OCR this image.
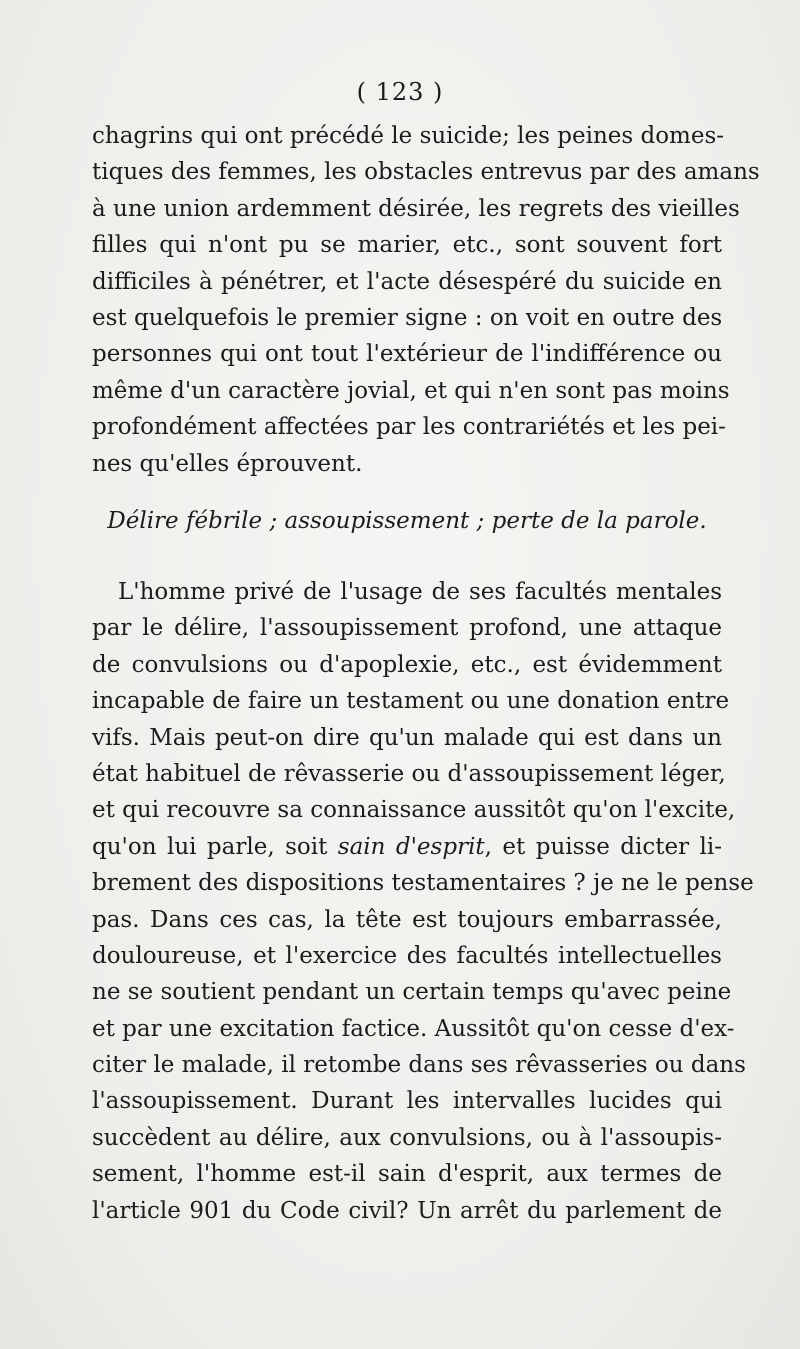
( 123 )
chagrins qui ont précédé le suicide; les peines domes-
tiques des femmes, les obstacles entrevus par des amans
à une union ardemment désirée, les regrets des vieilles
filles qui n'ont pu se marier, etc., sont souvent fort
difficiles à pénétrer, et l'acte désespéré du suicide en
est quelquefois le premier signe : on voit en outre des
personnes qui ont tout l'extérieur de l'indifférence ou
même d'un caractère jovial, et qui n'en sont pas moins
profondément affectées par les contrariétés et les pei-
nes qu'elles éprouvent.
Délire fébrile ; assoupissement ; perte de la parole.
L'homme privé de l'usage de ses facultés mentales
par le délire, l'assoupissement profond, une attaque
de convulsions ou d'apoplexie, etc., est évidemment
incapable de faire un testament ou une donation entre
vifs. Mais peut-on dire qu'un malade qui est dans un
état habituel de rêvasserie ou d'assoupissement léger,
et qui recouvre sa connaissance aussitôt qu'on l'excite,
qu'on lui parle, soit sain d'esprit, et puisse dicter li-
brement des dispositions testamentaires ? je ne le pense
pas. Dans ces cas, la tête est toujours embarrassée,
douloureuse, et l'exercice des facultés intellectuelles
ne se soutient pendant un certain temps qu'avec peine
et par une excitation factice. Aussitôt qu'on cesse d'ex-
citer le malade, il retombe dans ses rêvasseries ou dans
l'assoupissement. Durant les intervalles lucides qui
succèdent au délire, aux convulsions, ou à l'assoupis-
sement, l'homme est-il sain d'esprit, aux termes de
l'article 901 du Code civil? Un arrêt du parlement de
